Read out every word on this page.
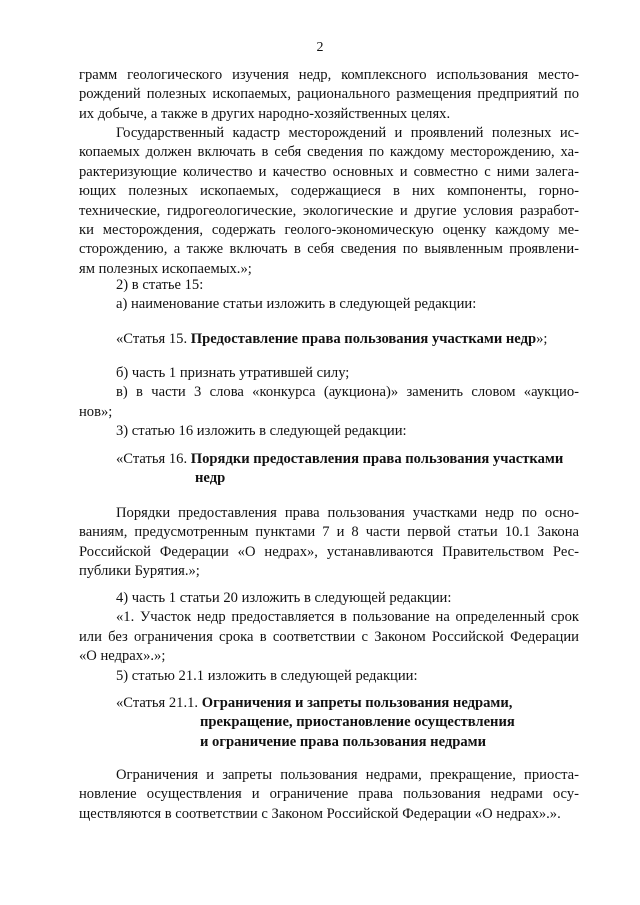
2
грамм геологического изучения недр, комплексного использования место-
рождений полезных ископаемых, рационального размещения предприятий по
их добыче, а также в других народно-хозяйственных целях.
Государственный кадастр месторождений и проявлений полезных ис-
копаемых должен включать в себя сведения по каждому месторождению, ха-
рактеризующие количество и качество основных и совместно с ними залега-
ющих полезных ископаемых, содержащиеся в них компоненты, горно-
технические, гидрогеологические, экологические и другие условия разработ-
ки месторождения, содержать геолого-экономическую оценку каждому ме-
сторождению, а также включать в себя сведения по выявленным проявлени-
ям полезных ископаемых.»;
2) в статье 15:
а) наименование статьи изложить в следующей редакции:
«Статья 15. Предоставление права пользования участками недр»;
б) часть 1 признать утратившей силу;
в) в части 3 слова «конкурса (аукциона)» заменить словом «аукцио-
нов»;
3) статью 16 изложить в следующей редакции:
«Статья 16. Порядки предоставления права пользования участками
недр
Порядки предоставления права пользования участками недр по осно-
ваниям, предусмотренным пунктами 7 и 8 части первой статьи 10.1 Закона
Российской Федерации «О недрах», устанавливаются Правительством Рес-
публики Бурятия.»;
4) часть 1 статьи 20 изложить в следующей редакции:
«1. Участок недр предоставляется в пользование на определенный срок
или без ограничения срока в соответствии с Законом Российской Федерации
«О недрах».»;
5) статью 21.1 изложить в следующей редакции:
«Статья 21.1. Ограничения и запреты пользования недрами,
прекращение, приостановление осуществления
и ограничение права пользования недрами
Ограничения и запреты пользования недрами, прекращение, приоста-
новление осуществления и ограничение права пользования недрами осу-
ществляются в соответствии с Законом Российской Федерации «О недрах».».
